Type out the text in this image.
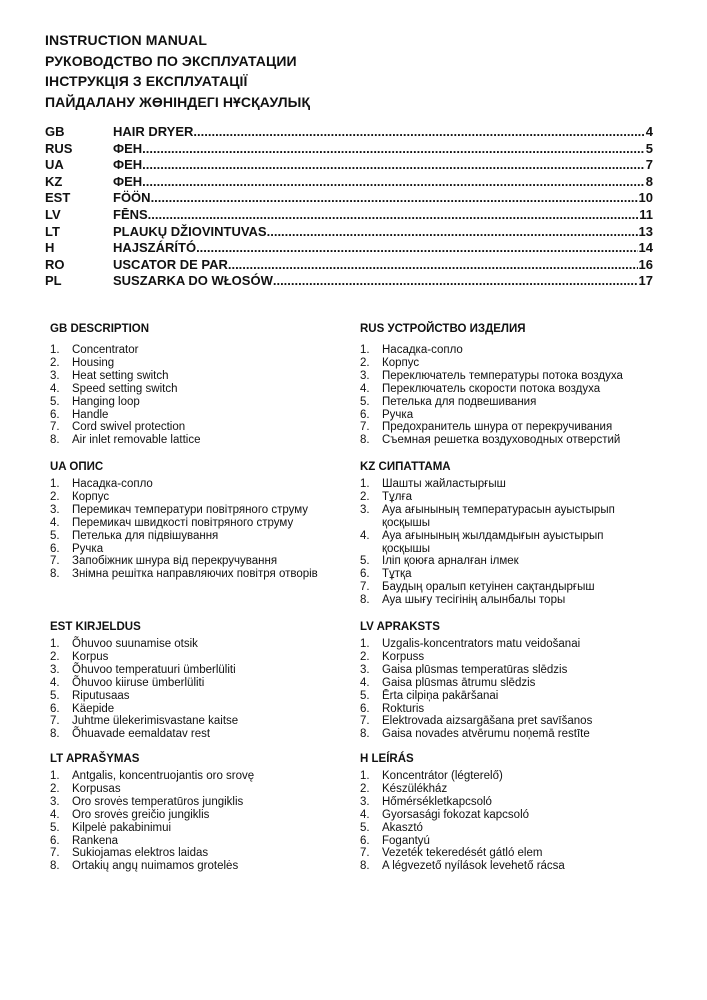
INSTRUCTION MANUAL
РУКОВОДСТВО ПО ЭКСПЛУАТАЦИИ
ІНСТРУКЦІЯ З ЕКСПЛУАТАЦІЇ
ПАЙДАЛАНУ ЖӨНІНДЕГІ НҰСҚАУЛЫҚ
GB	HAIR DRYER .....	4
RUS	ФЕН .....	5
UA	ФЕН .....	7
KZ	ФЕН .....	8
EST	FÖÖN .....	10
LV	FĒNS .....	11
LT	PLAUKŲ DŽIOVINTUVAS .....	13
H	HAJSZÁRÍTÓ .....	14
RO	USCATOR DE PAR .....	16
PL	SUSZARKA DO WŁOSÓW .....	17
GB DESCRIPTION
1.	Concentrator
2.	Housing
3.	Heat setting switch
4.	Speed setting switch
5.	Hanging loop
6.	Handle
7.	Cord swivel protection
8.	Air inlet removable lattice
RUS УСТРОЙСТВО ИЗДЕЛИЯ
1.	Насадка-сопло
2.	Корпус
3.	Переключатель температуры потока воздуха
4.	Переключатель скорости потока воздуха
5.	Петелька для подвешивания
6.	Ручка
7.	Предохранитель шнура от перекручивания
8.	Съемная решетка воздуховодных отверстий
UA ОПИС
1.	Насадка-сопло
2.	Корпус
3.	Перемикач температури повітряного струму
4.	Перемикач швидкості повітряного струму
5.	Петелька для підвішування
6.	Ручка
7.	Запобіжник шнура від перекручування
8.	Знімна решітка направляючих повітря отворів
KZ СИПАТТАМА
1.	Шашты жайластырғыш
2.	Тұлға
3.	Ауа ағынының температурасын ауыстырып қосқышы
4.	Ауа ағынының жылдамдығын ауыстырып қосқышы
5.	Іліп қоюға арналған ілмек
6.	Тұтқа
7.	Баудың оралып кетуінен сақтандырғыш
8.	Ауа шығу тесігінің алынбалы торы
EST KIRJELDUS
1.	Õhuvoo suunamise otsik
2.	Korpus
3.	Õhuvoo temperatuuri ümberlüliti
4.	Õhuvoo kiiruse ümberlüliti
5.	Riputusaas
6.	Käepide
7.	Juhtme ülekerimisvastane kaitse
8.	Õhuavade eemaldatav rest
LV APRAKSTS
1.	Uzgalis-koncentrators matu veidošanai
2.	Korpuss
3.	Gaisa plūsmas temperatūras slēdzis
4.	Gaisa plūsmas ātrumu slēdzis
5.	Ērta cilpiņa pakāršanai
6.	Rokturis
7.	Elektrovada aizsargāšana pret savīšanos
8.	Gaisa novades atvērumu noņemā restīte
LT APRAŠYMAS
1.	Antgalis, koncentruojantis oro srovę
2.	Korpusas
3.	Oro srovės temperatūros jungiklis
4.	Oro srovės greičio jungiklis
5.	Kilpelė pakabinimui
6.	Rankena
7.	Sukiojamas elektros laidas
8.	Ortakių angų nuimamos grotelės
H LEÍRÁS
1.	Koncentrátor (légterelő)
2.	Készülékház
3.	Hőmérsékletkapcsoló
4.	Gyorsasági fokozat kapcsoló
5.	Akasztó
6.	Fogantyú
7.	Vezeték tekeredését gátló elem
8.	A légvezető nyílások levehető rácsa
